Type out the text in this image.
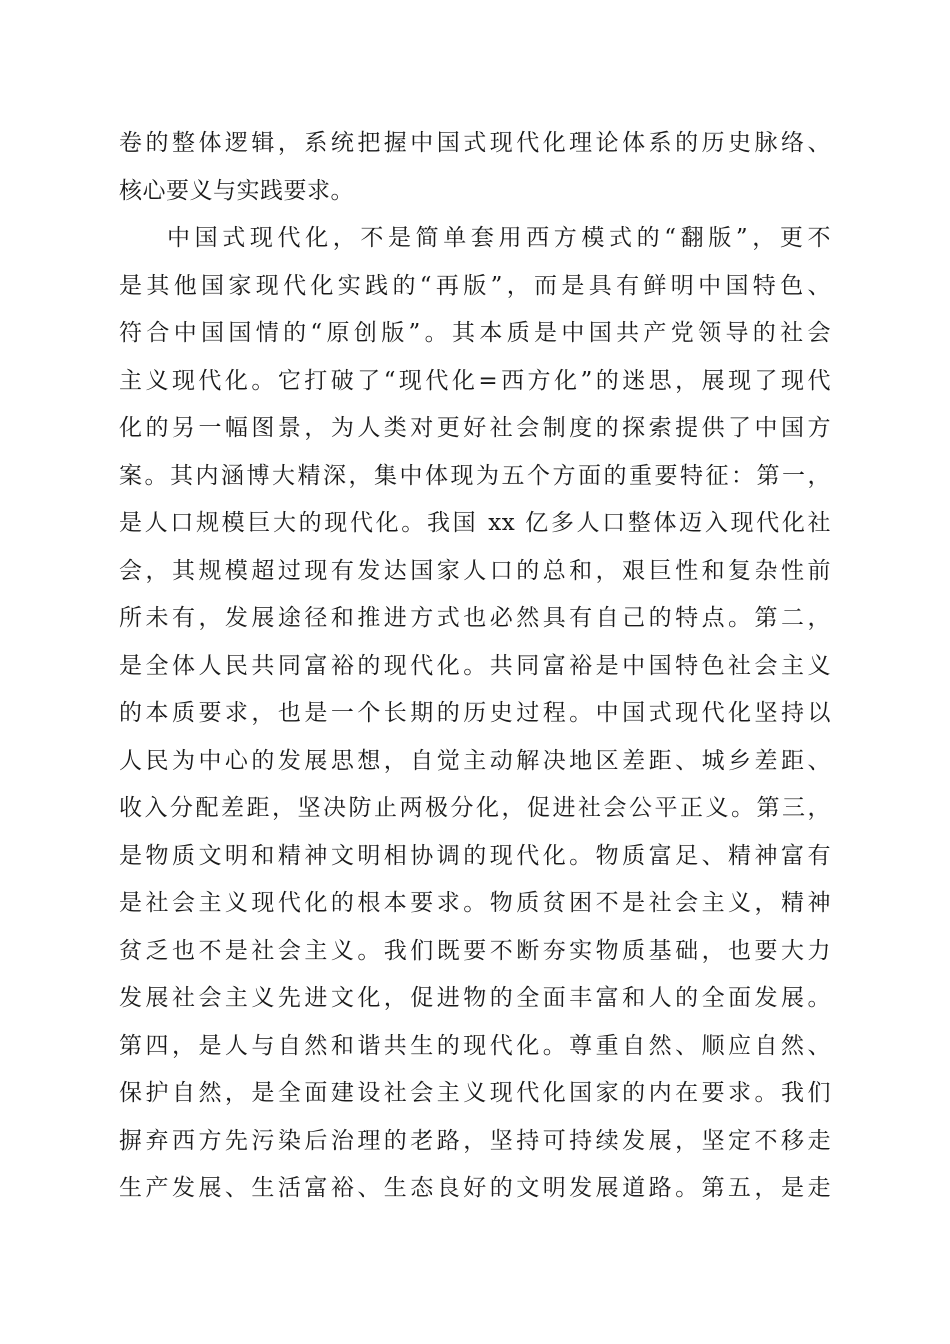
卷的整体逻辑，系统把握中国式现代化理论体系的历史脉络、
核心要义与实践要求。
中国式现代化，不是简单套用西方模式的“翻版”，更不
是其他国家现代化实践的“再版”，而是具有鲜明中国特色、
符合中国国情的“原创版”。其本质是中国共产党领导的社会
主义现代化。它打破了“现代化=西方化”的迷思，展现了现代
化的另一幅图景，为人类对更好社会制度的探索提供了中国方
案。其内涵博大精深，集中体现为五个方面的重要特征：第一，
是人口规模巨大的现代化。我国 xx 亿多人口整体迈入现代化社
会，其规模超过现有发达国家人口的总和，艰巨性和复杂性前
所未有，发展途径和推进方式也必然具有自己的特点。第二，
是全体人民共同富裕的现代化。共同富裕是中国特色社会主义
的本质要求，也是一个长期的历史过程。中国式现代化坚持以
人民为中心的发展思想，自觉主动解决地区差距、城乡差距、
收入分配差距，坚决防止两极分化，促进社会公平正义。第三，
是物质文明和精神文明相协调的现代化。物质富足、精神富有
是社会主义现代化的根本要求。物质贫困不是社会主义，精神
贫乏也不是社会主义。我们既要不断夯实物质基础，也要大力
发展社会主义先进文化，促进物的全面丰富和人的全面发展。
第四，是人与自然和谐共生的现代化。尊重自然、顺应自然、
保护自然，是全面建设社会主义现代化国家的内在要求。我们
摒弃西方先污染后治理的老路，坚持可持续发展，坚定不移走
生产发展、生活富裕、生态良好的文明发展道路。第五，是走
